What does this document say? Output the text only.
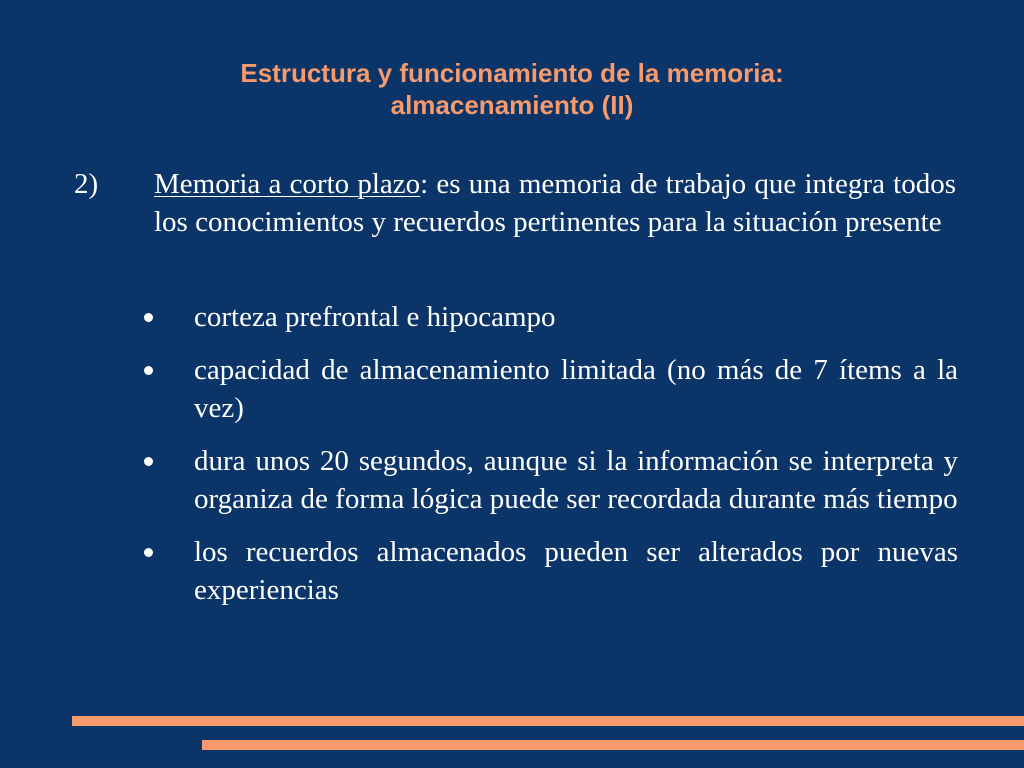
Estructura y funcionamiento de la memoria:
almacenamiento (II)
2) Memoria a corto plazo: es una memoria de trabajo que integra todos los conocimientos y recuerdos pertinentes para la situación presente
corteza prefrontal e hipocampo
capacidad de almacenamiento limitada (no más de 7 ítems a la vez)
dura unos 20 segundos, aunque si la información se interpreta y organiza de forma lógica puede ser recordada durante más tiempo
los recuerdos almacenados pueden ser alterados por nuevas experiencias
